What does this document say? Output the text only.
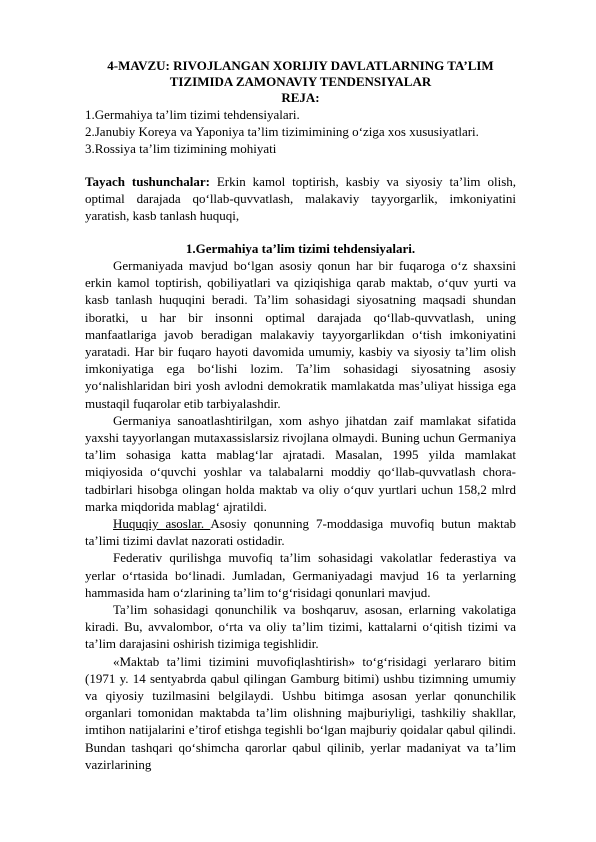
4-MAVZU: RIVOJLANGAN XORIJIY DAVLATLARNING TA’LIM
TIZIMIDA ZAMONAVIY TENDENSIYALAR
REJA:
1.Germahiya ta’lim tizimi tehdensiyalari.
2.Janubiy Koreya va Yaponiya ta’lim tizimimining o‘ziga xos xususiyatlari.
3.Rossiya ta’lim tizimining mohiyati
Tayach tushunchalar: Erkin kamol toptirish, kasbiy va siyosiy ta’lim olish, optimal darajada qo‘llab-quvvatlash, malakaviy tayyorgarlik, imkoniyatini yaratish, kasb tanlash huquqi,
1.Germahiya ta’lim tizimi tehdensiyalari.

Germaniyada mavjud bo‘lgan asosiy qonun har bir fuqaroga o‘z shaxsini erkin kamol toptirish, qobiliyatlari va qiziqishiga qarab maktab, o‘quv yurti va kasb tanlash huquqini beradi. Ta’lim sohasidagi siyosatning maqsadi shundan iboratki, u har bir insonni optimal darajada qo‘llab-quvvatlash, uning manfaatlariga javob beradigan malakaviy tayyorgarlikdan o‘tish imkoniyatini yaratadi. Har bir fuqaro hayoti davomida umumiy, kasbiy va siyosiy ta’lim olish imkoniyatiga ega bo‘lishi lozim. Ta’lim sohasidagi siyosatning asosiy yo‘nalishlaridan biri yosh avlodni demokratik mamlakatda mas’uliyat hissiga ega mustaqil fuqarolar etib tarbiyalashdir.

Germaniya sanoatlashtirilgan, xom ashyo jihatdan zaif mamlakat sifatida yaxshi tayyorlangan mutaxassislarsiz rivojlana olmaydi. Buning uchun Germaniya ta’lim sohasiga katta mablag‘lar ajratadi. Masalan, 1995 yilda mamlakat miqiyosida o‘quvchi yoshlar va talabalarni moddiy qo‘llab-quvvatlash chora-tadbirlari hisobga olingan holda maktab va oliy o‘quv yurtlari uchun 158,2 mlrd marka miqdorida mablag‘ ajratildi.

Huquqiy asoslar. Asosiy qonunning 7-moddasiga muvofiq butun maktab ta’limi tizimi davlat nazorati ostidadir.

Federativ qurilishga muvofiq ta’lim sohasidagi vakolatlar federastiya va yerlar o‘rtasida bo‘linadi. Jumladan, Germaniyadagi mavjud 16 ta yerlarning hammasida ham o‘zlarining ta’lim to‘g‘risidagi qonunlari mavjud.

Ta’lim sohasidagi qonunchilik va boshqaruv, asosan, erlarning vakolatiga kiradi. Bu, avvalombor, o‘rta va oliy ta’lim tizimi, kattalarni o‘qitish tizimi va ta’lim darajasini oshirish tizimiga tegishlidir.

«Maktab ta’limi tizimini muvofiqlashtirish» to‘g‘risidagi yerlararo bitim (1971 y. 14 sentyabrda qabul qilingan Gamburg bitimi) ushbu tizimning umumiy va qiyosiy tuzilmasini belgilaydi. Ushbu bitimga asosan yerlar qonunchilik organlari tomonidan maktabda ta’lim olishning majburiyligi, tashkiliy shakllar, imtihon natijalarini e’tirof etishga tegishli bo‘lgan majburiy qoidalar qabul qilindi. Bundan tashqari qo‘shimcha qarorlar qabul qilinib, yerlar madaniyat va ta’lim vazirlarining
